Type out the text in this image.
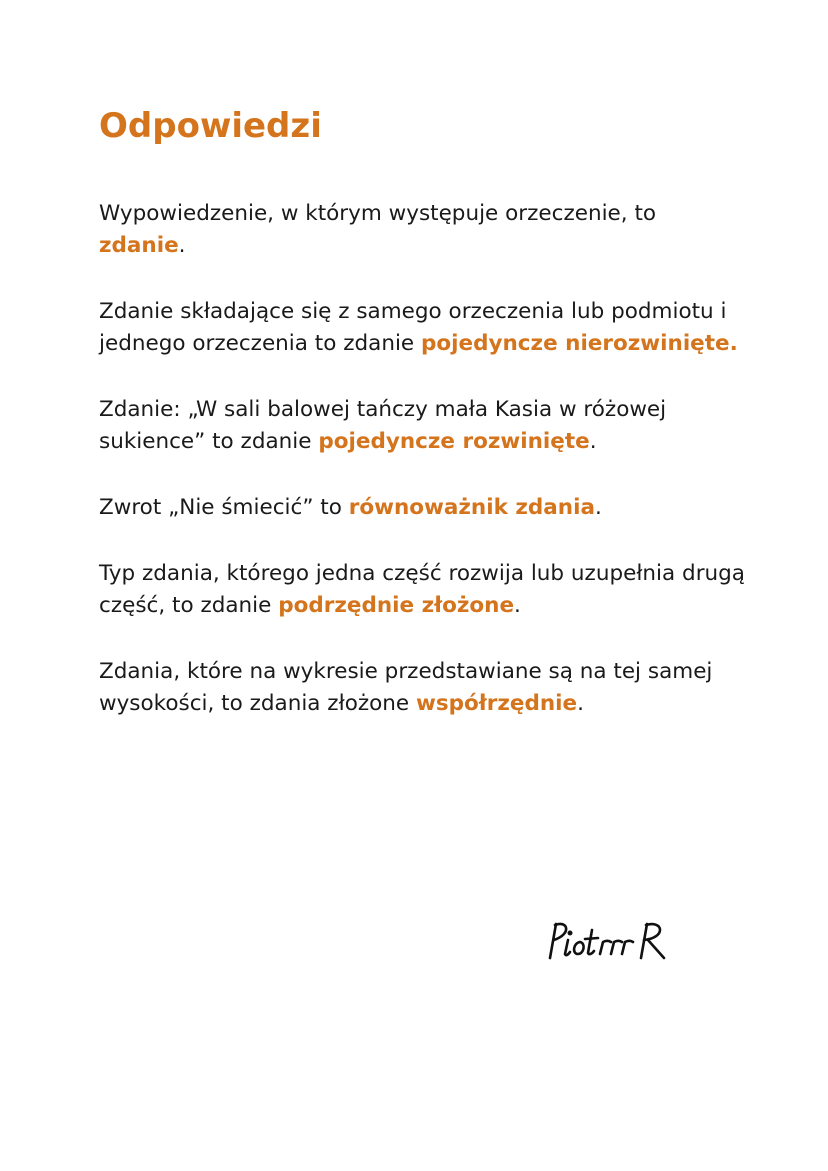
Odpowiedzi

Wypowiedzenie, w którym występuje orzeczenie, to zdanie.

Zdanie składające się z samego orzeczenia lub podmiotu i jednego orzeczenia to zdanie pojedyncze nierozwinięte.

Zdanie: „W sali balowej tańczy mała Kasia w różowej sukience” to zdanie pojedyncze rozwinięte.

Zwrot „Nie śmiecić” to równoważnik zdania.

Typ zdania, którego jedna część rozwija lub uzupełnia drugą część, to zdanie podrzędnie złożone.

Zdania, które na wykresie przedstawiane są na tej samej wysokości, to zdania złożone współrzędnie.
